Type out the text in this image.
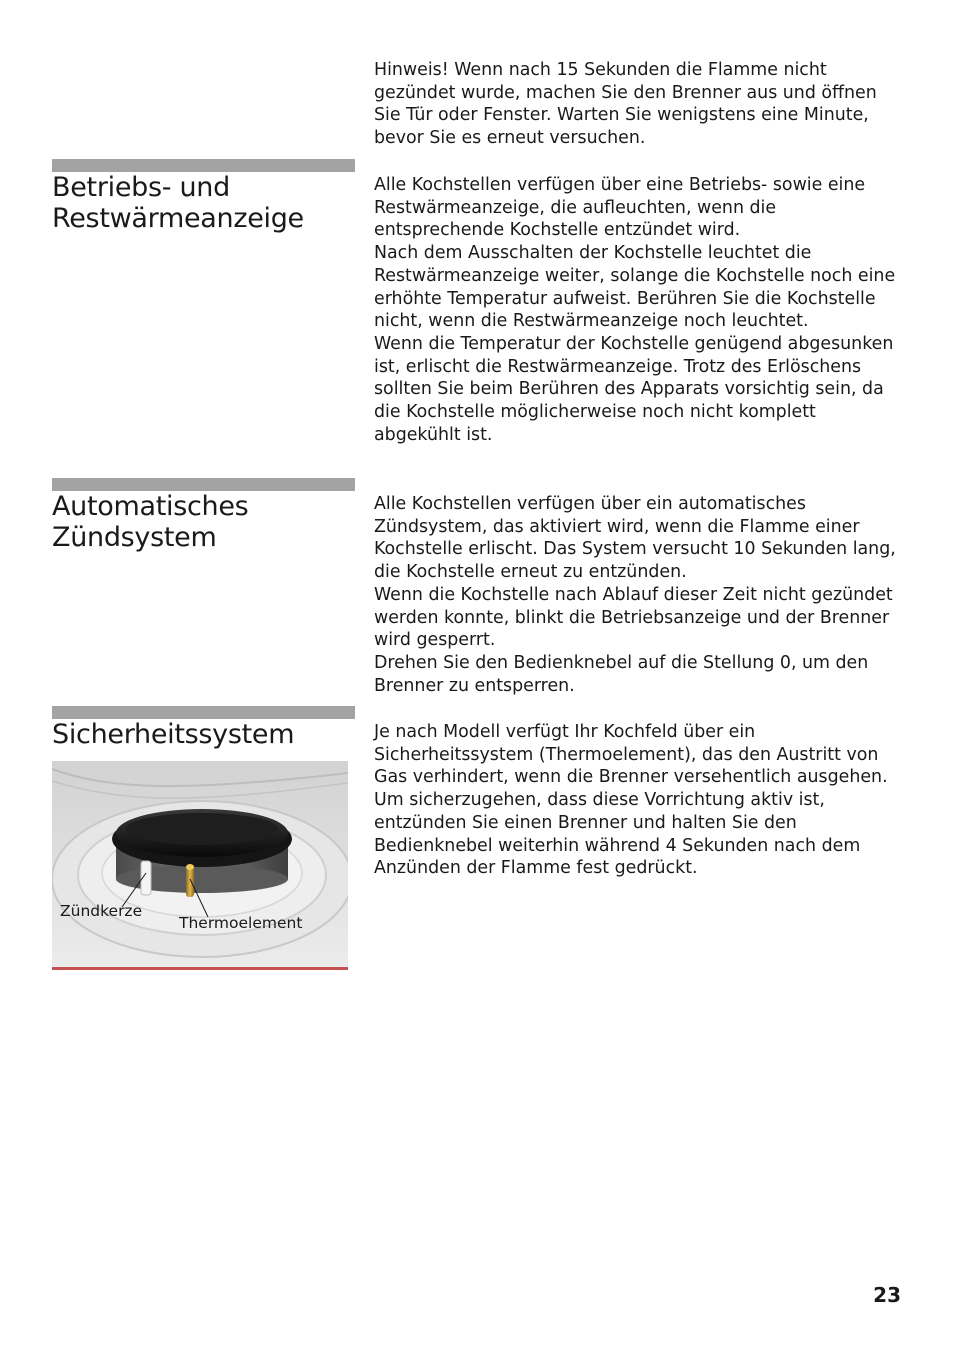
Hinweis! Wenn nach 15 Sekunden die Flamme nicht gezündet wurde, machen Sie den Brenner aus und öffnen Sie Tür oder Fenster. Warten Sie wenigstens eine Minute, bevor Sie es erneut versuchen.

Betriebs- und Restwärmeanzeige

Alle Kochstellen verfügen über eine Betriebs- sowie eine Restwärmeanzeige, die aufleuchten, wenn die entsprechende Kochstelle entzündet wird.

Nach dem Ausschalten der Kochstelle leuchtet die Restwärmeanzeige weiter, solange die Kochstelle noch eine erhöhte Temperatur aufweist. Berühren Sie die Kochstelle nicht, wenn die Restwärmeanzeige noch leuchtet.

Wenn die Temperatur der Kochstelle genügend abgesunken ist, erlischt die Restwärmeanzeige. Trotz des Erlöschens sollten Sie beim Berühren des Apparats vorsichtig sein, da die Kochstelle möglicherweise noch nicht komplett abgekühlt ist.

Automatisches Zündsystem

Alle Kochstellen verfügen über ein automatisches Zündsystem, das aktiviert wird, wenn die Flamme einer Kochstelle erlischt. Das System versucht 10 Sekunden lang, die Kochstelle erneut zu entzünden.

Wenn die Kochstelle nach Ablauf dieser Zeit nicht gezündet werden konnte, blinkt die Betriebsanzeige und der Brenner wird gesperrt.

Drehen Sie den Bedienknebel auf die Stellung 0, um den Brenner zu entsperren.

Sicherheitssystem	Je nach Modell verfügt Ihr Kochfeld über ein Sicherheitssystem (Thermoelement), das den Austritt von Gas verhindert, wenn die Brenner versehentlich ausgehen. Um sicherzugehen, dass diese Vorrichtung aktiv ist, entzünden Sie einen Brenner und halten Sie den Bedienknebel weiterhin während 4 Sekunden nach dem Anzünden der Flamme fest gedrückt.

Zündkerze
Thermoelement
23
